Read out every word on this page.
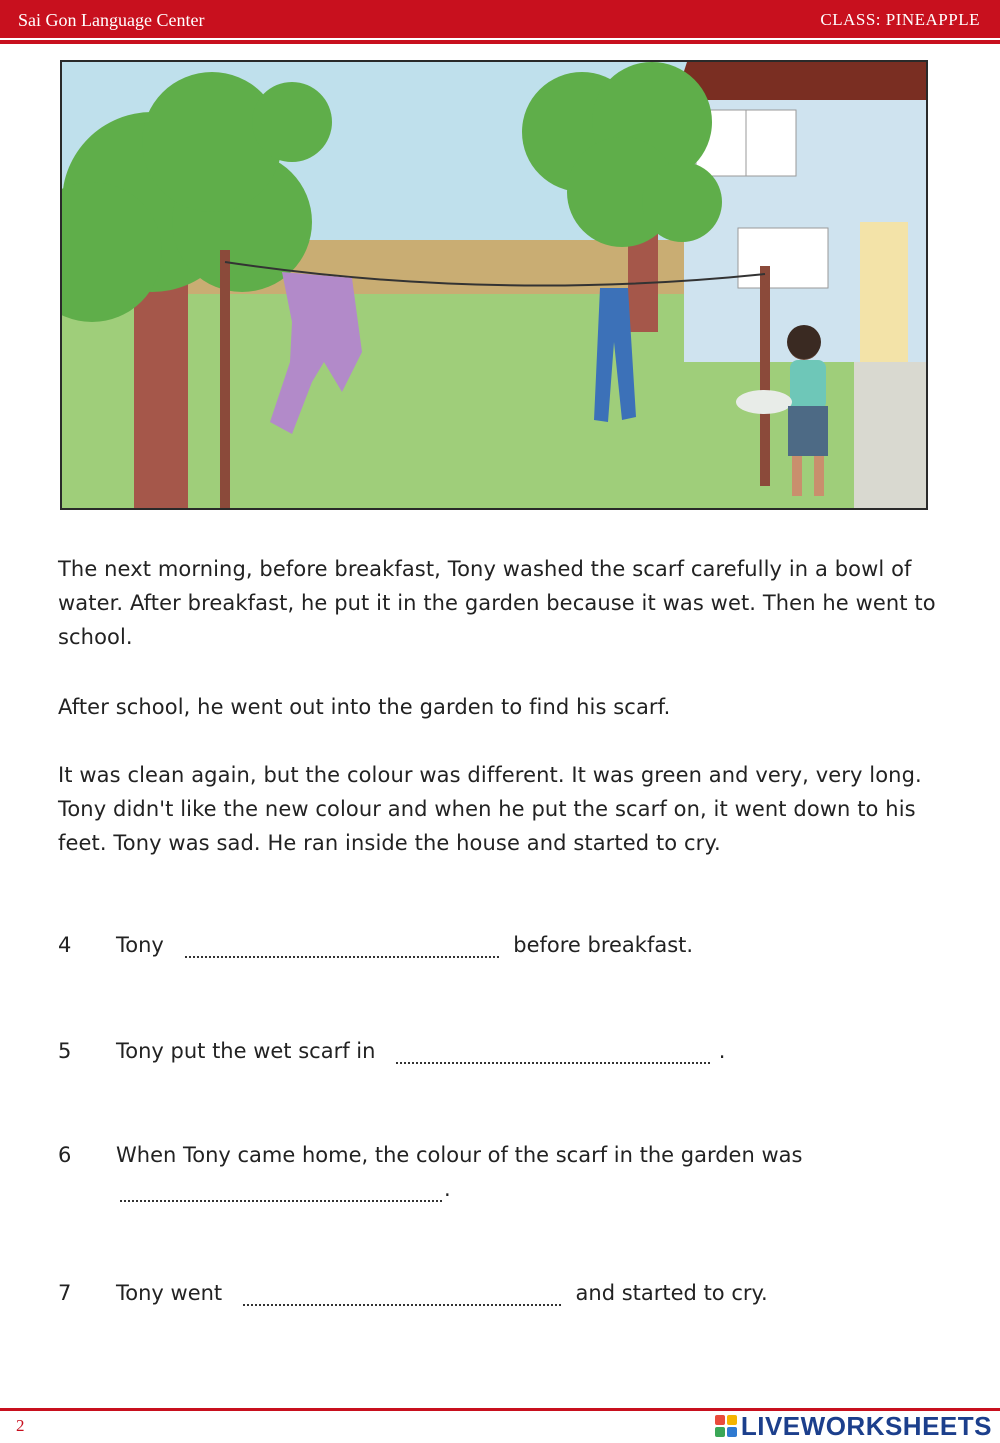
Sai Gon Language Center	CLASS: PINEAPPLE

The next morning, before breakfast, Tony washed the scarf carefully in a bowl of water. After breakfast, he put it in the garden because it was wet. Then he went to school.

After school, he went out into the garden to find his scarf.

It was clean again, but the colour was different. It was green and very, very long. Tony didn't like the new colour and when he put the scarf on, it went down to his feet. Tony was sad. He ran inside the house and started to cry.

4	Tony	before breakfast.
5	Tony put the wet scarf in	.
6	When Tony came home, the colour of the scarf in the garden was
.
7	Tony went	and started to cry.
2	LIVEWORKSHEETS
